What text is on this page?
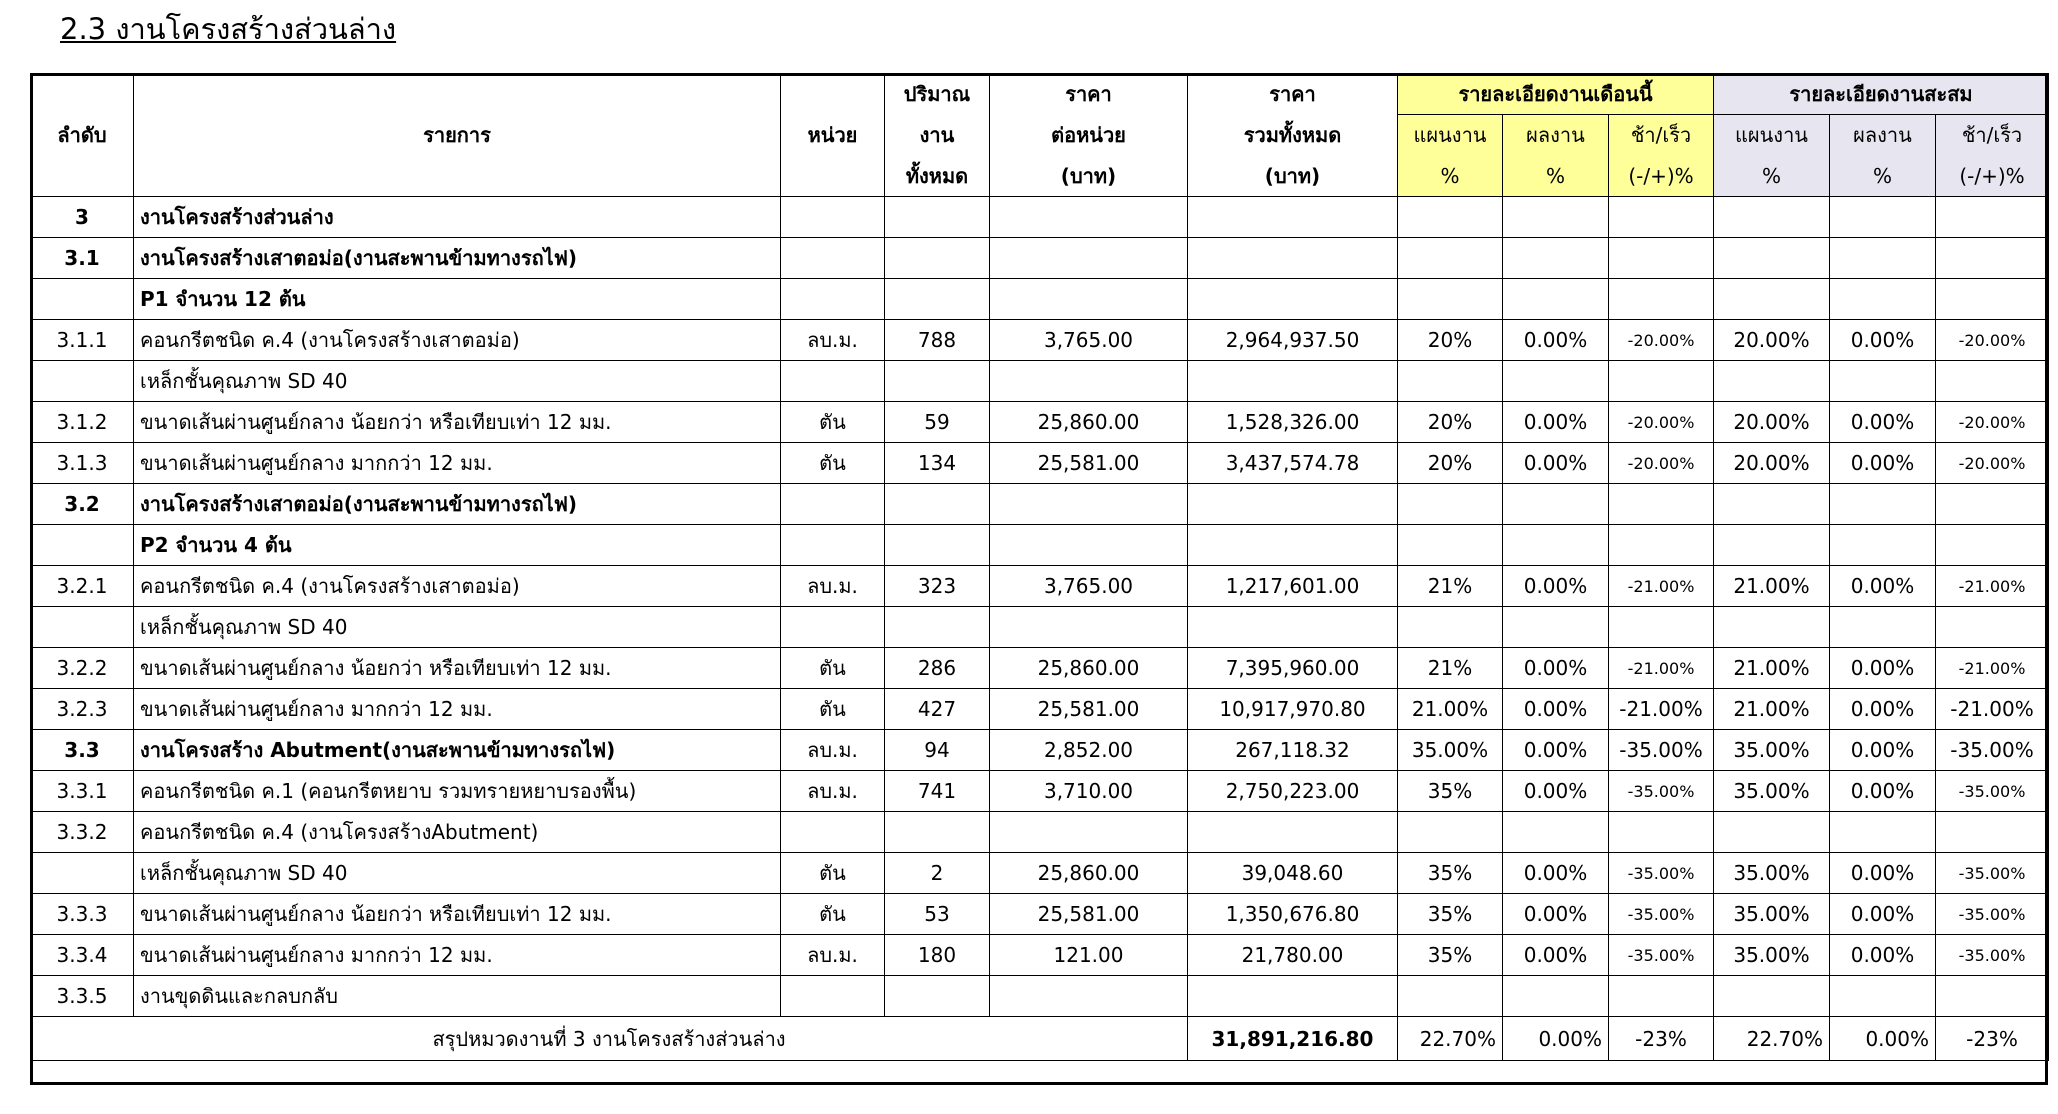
2.3 งานโครงสร้างส่วนล่าง
			ปริมาณ	ราคา	ราคา	รายละเอียดงานเดือนนี้			รายละเอียดงานสะสม		
ลำดับ	รายการ	หน่วย	งาน	ต่อหน่วย	รวมทั้งหมด	แผนงาน	ผลงาน	ช้า/เร็ว	แผนงาน	ผลงาน	ช้า/เร็ว
			ทั้งหมด	(บาท)	(บาท)	%	%	(-/+)%	%	%	(-/+)%
3	งานโครงสร้างส่วนล่าง										
3.1	งานโครงสร้างเสาตอม่อ(งานสะพานข้ามทางรถไฟ)										
	P1 จำนวน 12 ต้น										
3.1.1	คอนกรีตชนิด ค.4 (งานโครงสร้างเสาตอม่อ)	ลบ.ม.	788	3,765.00	2,964,937.50	20%	0.00%	-20.00%	20.00%	0.00%	-20.00%
	เหล็กชั้นคุณภาพ SD 40										
3.1.2	ขนาดเส้นผ่านศูนย์กลาง น้อยกว่า หรือเทียบเท่า 12 มม.	ตัน	59	25,860.00	1,528,326.00	20%	0.00%	-20.00%	20.00%	0.00%	-20.00%
3.1.3	ขนาดเส้นผ่านศูนย์กลาง มากกว่า 12 มม.	ตัน	134	25,581.00	3,437,574.78	20%	0.00%	-20.00%	20.00%	0.00%	-20.00%
3.2	งานโครงสร้างเสาตอม่อ(งานสะพานข้ามทางรถไฟ)										
	P2 จำนวน 4 ต้น										
3.2.1	คอนกรีตชนิด ค.4 (งานโครงสร้างเสาตอม่อ)	ลบ.ม.	323	3,765.00	1,217,601.00	21%	0.00%	-21.00%	21.00%	0.00%	-21.00%
	เหล็กชั้นคุณภาพ SD 40										
3.2.2	ขนาดเส้นผ่านศูนย์กลาง น้อยกว่า หรือเทียบเท่า 12 มม.	ตัน	286	25,860.00	7,395,960.00	21%	0.00%	-21.00%	21.00%	0.00%	-21.00%
3.2.3	ขนาดเส้นผ่านศูนย์กลาง มากกว่า 12 มม.	ตัน	427	25,581.00	10,917,970.80	21.00%	0.00%	-21.00%	21.00%	0.00%	-21.00%
3.3	งานโครงสร้าง Abutment(งานสะพานข้ามทางรถไฟ)	ลบ.ม.	94	2,852.00	267,118.32	35.00%	0.00%	-35.00%	35.00%	0.00%	-35.00%
3.3.1	คอนกรีตชนิด ค.1 (คอนกรีตหยาบ รวมทรายหยาบรองพื้น)	ลบ.ม.	741	3,710.00	2,750,223.00	35%	0.00%	-35.00%	35.00%	0.00%	-35.00%
3.3.2	คอนกรีตชนิด ค.4 (งานโครงสร้างAbutment)										
	เหล็กชั้นคุณภาพ SD 40	ตัน	2	25,860.00	39,048.60	35%	0.00%	-35.00%	35.00%	0.00%	-35.00%
3.3.3	ขนาดเส้นผ่านศูนย์กลาง น้อยกว่า หรือเทียบเท่า 12 มม.	ตัน	53	25,581.00	1,350,676.80	35%	0.00%	-35.00%	35.00%	0.00%	-35.00%
3.3.4	ขนาดเส้นผ่านศูนย์กลาง มากกว่า 12 มม.	ลบ.ม.	180	121.00	21,780.00	35%	0.00%	-35.00%	35.00%	0.00%	-35.00%
3.3.5	งานขุดดินและกลบกลับ										
สรุปหมวดงานที่ 3 งานโครงสร้างส่วนล่าง					31,891,216.80	22.70%	0.00%	-23%	22.70%	0.00%	-23%
